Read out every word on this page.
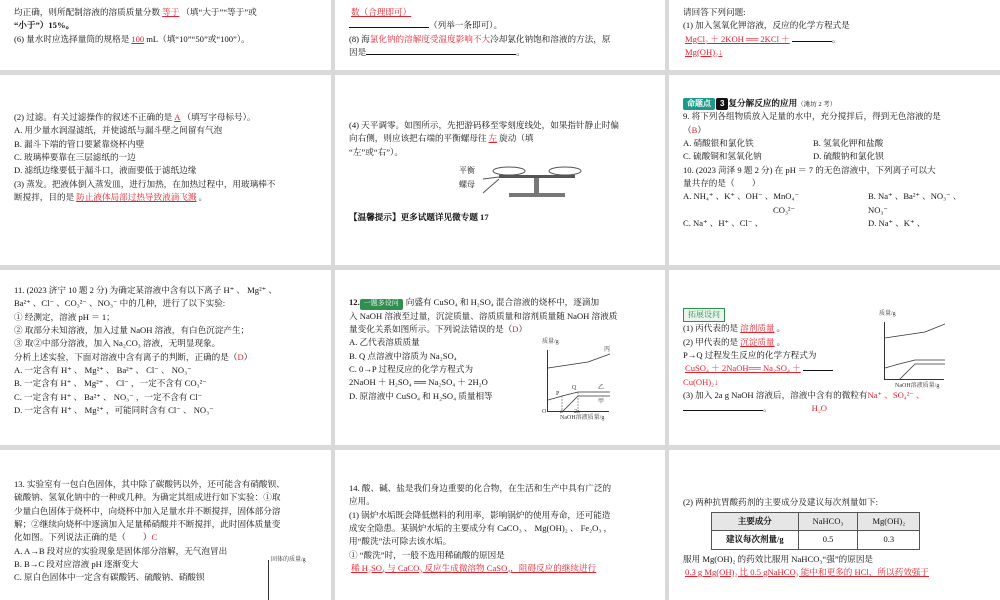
均正确，则所配制溶液的溶质质量分数 等于 （填“大于”“等于”或
“小于”）15%。
(6) 量水时应选择量筒的规格是 100 mL（填“10”“50”或“100”）。
数（合理即可）
（列举一条即可）。
(8) 海氯化钠的溶解度受温度影响不大冷却氯化钠饱和溶液的方法，原
因是	。
请回答下列问题:
(1) 加入氢氧化钾溶液，反应的化学方程式是
MgCl₂ ＋ 2KOH ══ 2KCl ＋	。
Mg(OH)₂↓
(2) 过滤。有关过滤操作的叙述不正确的是 A （填写字母标号）。
A. 用少量水润湿滤纸，并使滤纸与漏斗壁之间留有气泡
B. 漏斗下端的管口要紧靠烧杯内壁
C. 玻璃棒要靠在三层滤纸的一边
D. 滤纸边缘要低于漏斗口，液面要低于滤纸边缘
(3) 蒸发。把液体倒入蒸发皿，进行加热，在加热过程中，用玻璃棒不
断搅拌，目的是 防止液体局部过热导致液滴飞溅 。
(4) 天平调零。如图所示，先把游码移至零刻度线处，如果指针静止时偏
向右侧，则应该把右端的平衡螺母往 左 旋动（填
“左”或“右”）。
平衡
螺母
【温馨提示】更多试题详见微专题 17
命题点 3 复分解反应的应用（滩坊 2 考）
9. 将下列各组物质放入足量的水中，充分搅拌后，得到无色溶液的是
（B）
A. 硝酸银和氯化铁	B. 氢氧化钾和盐酸
C. 硫酸铜和氢氧化钠	D. 硫酸钠和氯化钡
10. (2023 菏泽 9 题 2 分) 在 pH ＝ 7 的无色溶液中，下列离子可以大
量共存的是（　　）
A. NH₄⁺ 、K⁺ 、OH⁻ 、MnO₄⁻	B. Na⁺ 、Ba²⁺ 、NO₃⁻ 、
CO₃²⁻	NO₃⁻
C. Na⁺ 、H⁺ 、Cl⁻ 、	D. Na⁺ 、K⁺ 、
11. (2023 济宁 10 题 2 分) 为确定某溶液中含有以下离子 H⁺ 、 Mg²⁺ 、
Ba²⁺ 、Cl⁻ 、CO₃²⁻ 、NO₃⁻ 中的几种，进行了以下实验:
① 经测定，溶液 pH ＝ 1；
② 取部分未知溶液，加入过量 NaOH 溶液，有白色沉淀产生；
③ 取②中部分溶液，加入 Na₂CO₃ 溶液，无明显现象。
分析上述实验，下面对溶液中含有离子的判断，正确的是（D）
A. 一定含有 H⁺ 、 Mg²⁺ 、 Ba²⁺ 、 Cl⁻ 、 NO₃⁻
B. 一定含有 H⁺ 、 Mg²⁺ 、 Cl⁻ ，一定不含有 CO₃²⁻
C. 一定含有 H⁺ 、 Ba²⁺ 、 NO₃⁻ ，一定不含有 Cl⁻
D. 一定含有 H⁺ 、 Mg²⁺ ，可能同时含有 Cl⁻ 、 NO₃⁻
12. 一题多设问 向盛有 CuSO₄ 和 H₂SO₄ 混合溶液的烧杯中，逐滴加
入 NaOH 溶液至过量，沉淀质量、溶质质量和溶剂质量随 NaOH 溶液质
量变化关系如图所示。下列说法错误的是（D）
A. 乙代表溶质质量
B. Q 点溶液中溶质为 Na₂SO₄
C. 0→P 过程反应的化学方程式为
2NaOH ＋ H₂SO₄ ══ Na₂SO₄ ＋ 2H₂O
D. 原溶液中 CuSO₄ 和 H₂SO₄ 质量相等
质量/g
NaOH溶液质量/g
丙
乙
甲
P
Q
O a 2a
拓展设问
(1) 丙代表的是 溶剂质量 。
(2) 甲代表的是 沉淀质量 。
P→Q 过程发生反应的化学方程式为
CuSO₄ ＋ 2NaOH══ Na₂SO₄ ＋
Cu(OH)₂↓
(3) 加入 2a g NaOH 溶液后，溶液中含有的微粒有Na⁺ 、SO₄²⁻ 、
。	H₂O
质量/g
NaOH溶液质量/g
13. 实验室有一包白色固体，其中除了碳酸钙以外，还可能含有硝酸钡、
硫酸钠、氢氧化钠中的一种或几种。为确定其组成进行如下实验：①取
少量白色固体于烧杯中，向烧杯中加入足量水并不断搅拌，固体部分溶
解；②继续向烧杯中逐滴加入足量稀硝酸并不断搅拌，此时固体质量变
化如图。下列说法正确的是（　　）C
A. A→B 段对应的实验现象是固体部分溶解，无气泡冒出
B. B→C 段对应溶液 pH 逐渐变大
C. 原白色固体中一定含有碳酸钙、硫酸钠、硝酸钡
固体的质量/g
14. 酸、碱、盐是我们身边重要的化合物，在生活和生产中具有广泛的
应用。
(1) 锅炉水垢既会降低燃料的利用率，影响锅炉的使用寿命，还可能造
成安全隐患。某锅炉水垢的主要成分有 CaCO₃ 、 Mg(OH)₂ 、 Fe₂O₃ ，
用“酸洗”法可除去该水垢。
① “酸洗”时，一般不选用稀硫酸的原因是
稀 H₂SO₄ 与 CaCO₃ 反应生成微溶物 CaSO₄，阻碍反应的继续进行
(2) 两种抗胃酸药剂的主要成分及建议每次剂量如下:
主要成分	NaHCO₃	Mg(OH)₂
建议每次剂量/g	0.5	0.3
服用 Mg(OH)₂ 的药效比服用 NaHCO₃“强”的原因是
0.3 g Mg(OH)₂ 比 0.5 gNaHCO₃ 能中和更多的 HCl，所以药效强于
